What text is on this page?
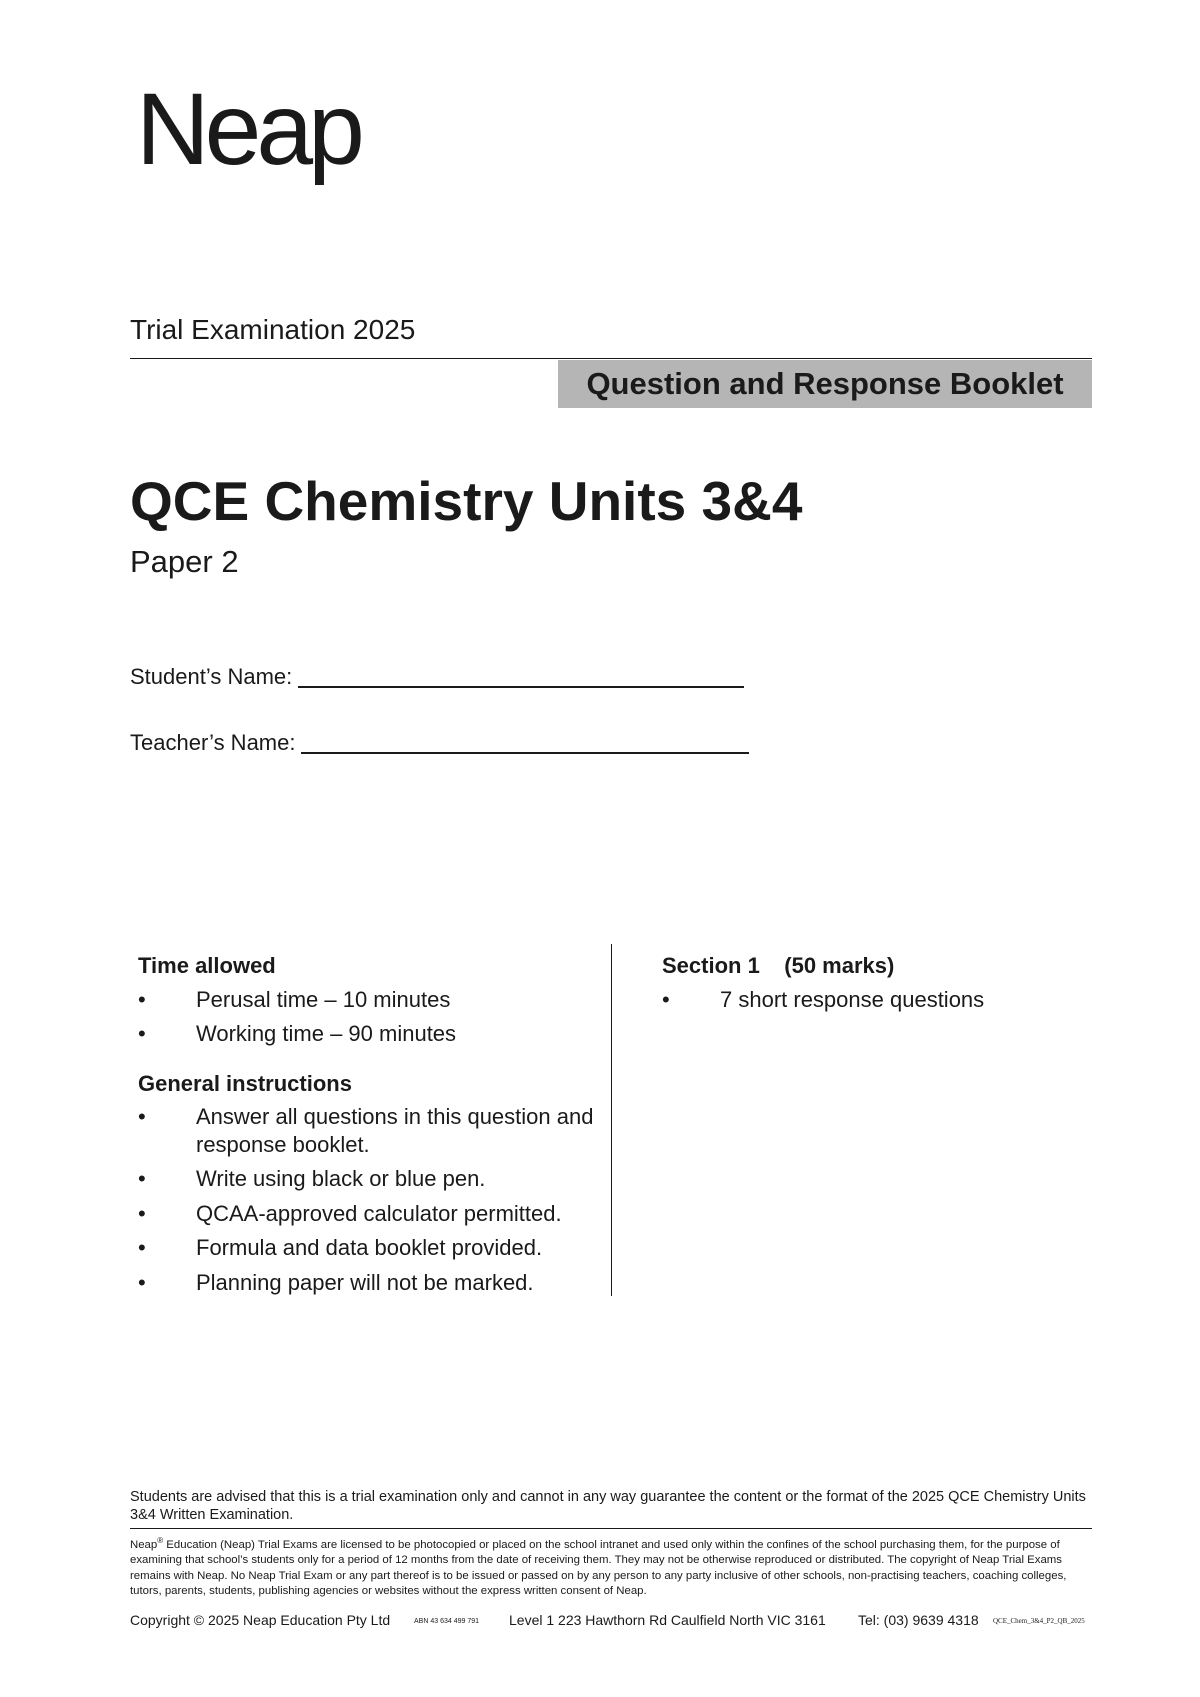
Neap
Trial Examination 2025
Question and Response Booklet
QCE Chemistry Units 3&4
Paper 2
Student’s Name:
Teacher’s Name:
Time allowed
• Perusal time – 10 minutes
• Working time – 90 minutes
General instructions
• Answer all questions in this question and response booklet.
• Write using black or blue pen.
• QCAA-approved calculator permitted.
• Formula and data booklet provided.
• Planning paper will not be marked.
Section 1    (50 marks)
• 7 short response questions
Students are advised that this is a trial examination only and cannot in any way guarantee the content or the format of the 2025 QCE Chemistry Units 3&4 Written Examination.
Neap® Education (Neap) Trial Exams are licensed to be photocopied or placed on the school intranet and used only within the confines of the school purchasing them, for the purpose of examining that school’s students only for a period of 12 months from the date of receiving them. They may not be otherwise reproduced or distributed. The copyright of Neap Trial Exams remains with Neap. No Neap Trial Exam or any part thereof is to be issued or passed on by any person to any party inclusive of other schools, non-practising teachers, coaching colleges, tutors, parents, students, publishing agencies or websites without the express written consent of Neap.
Copyright © 2025 Neap Education Pty Ltd	ABN 43 634 499 791 Level 1 223 Hawthorn Rd Caulfield North VIC 3161 Tel: (03) 9639 4318 QCE_Chem_3&4_P2_QB_2025
